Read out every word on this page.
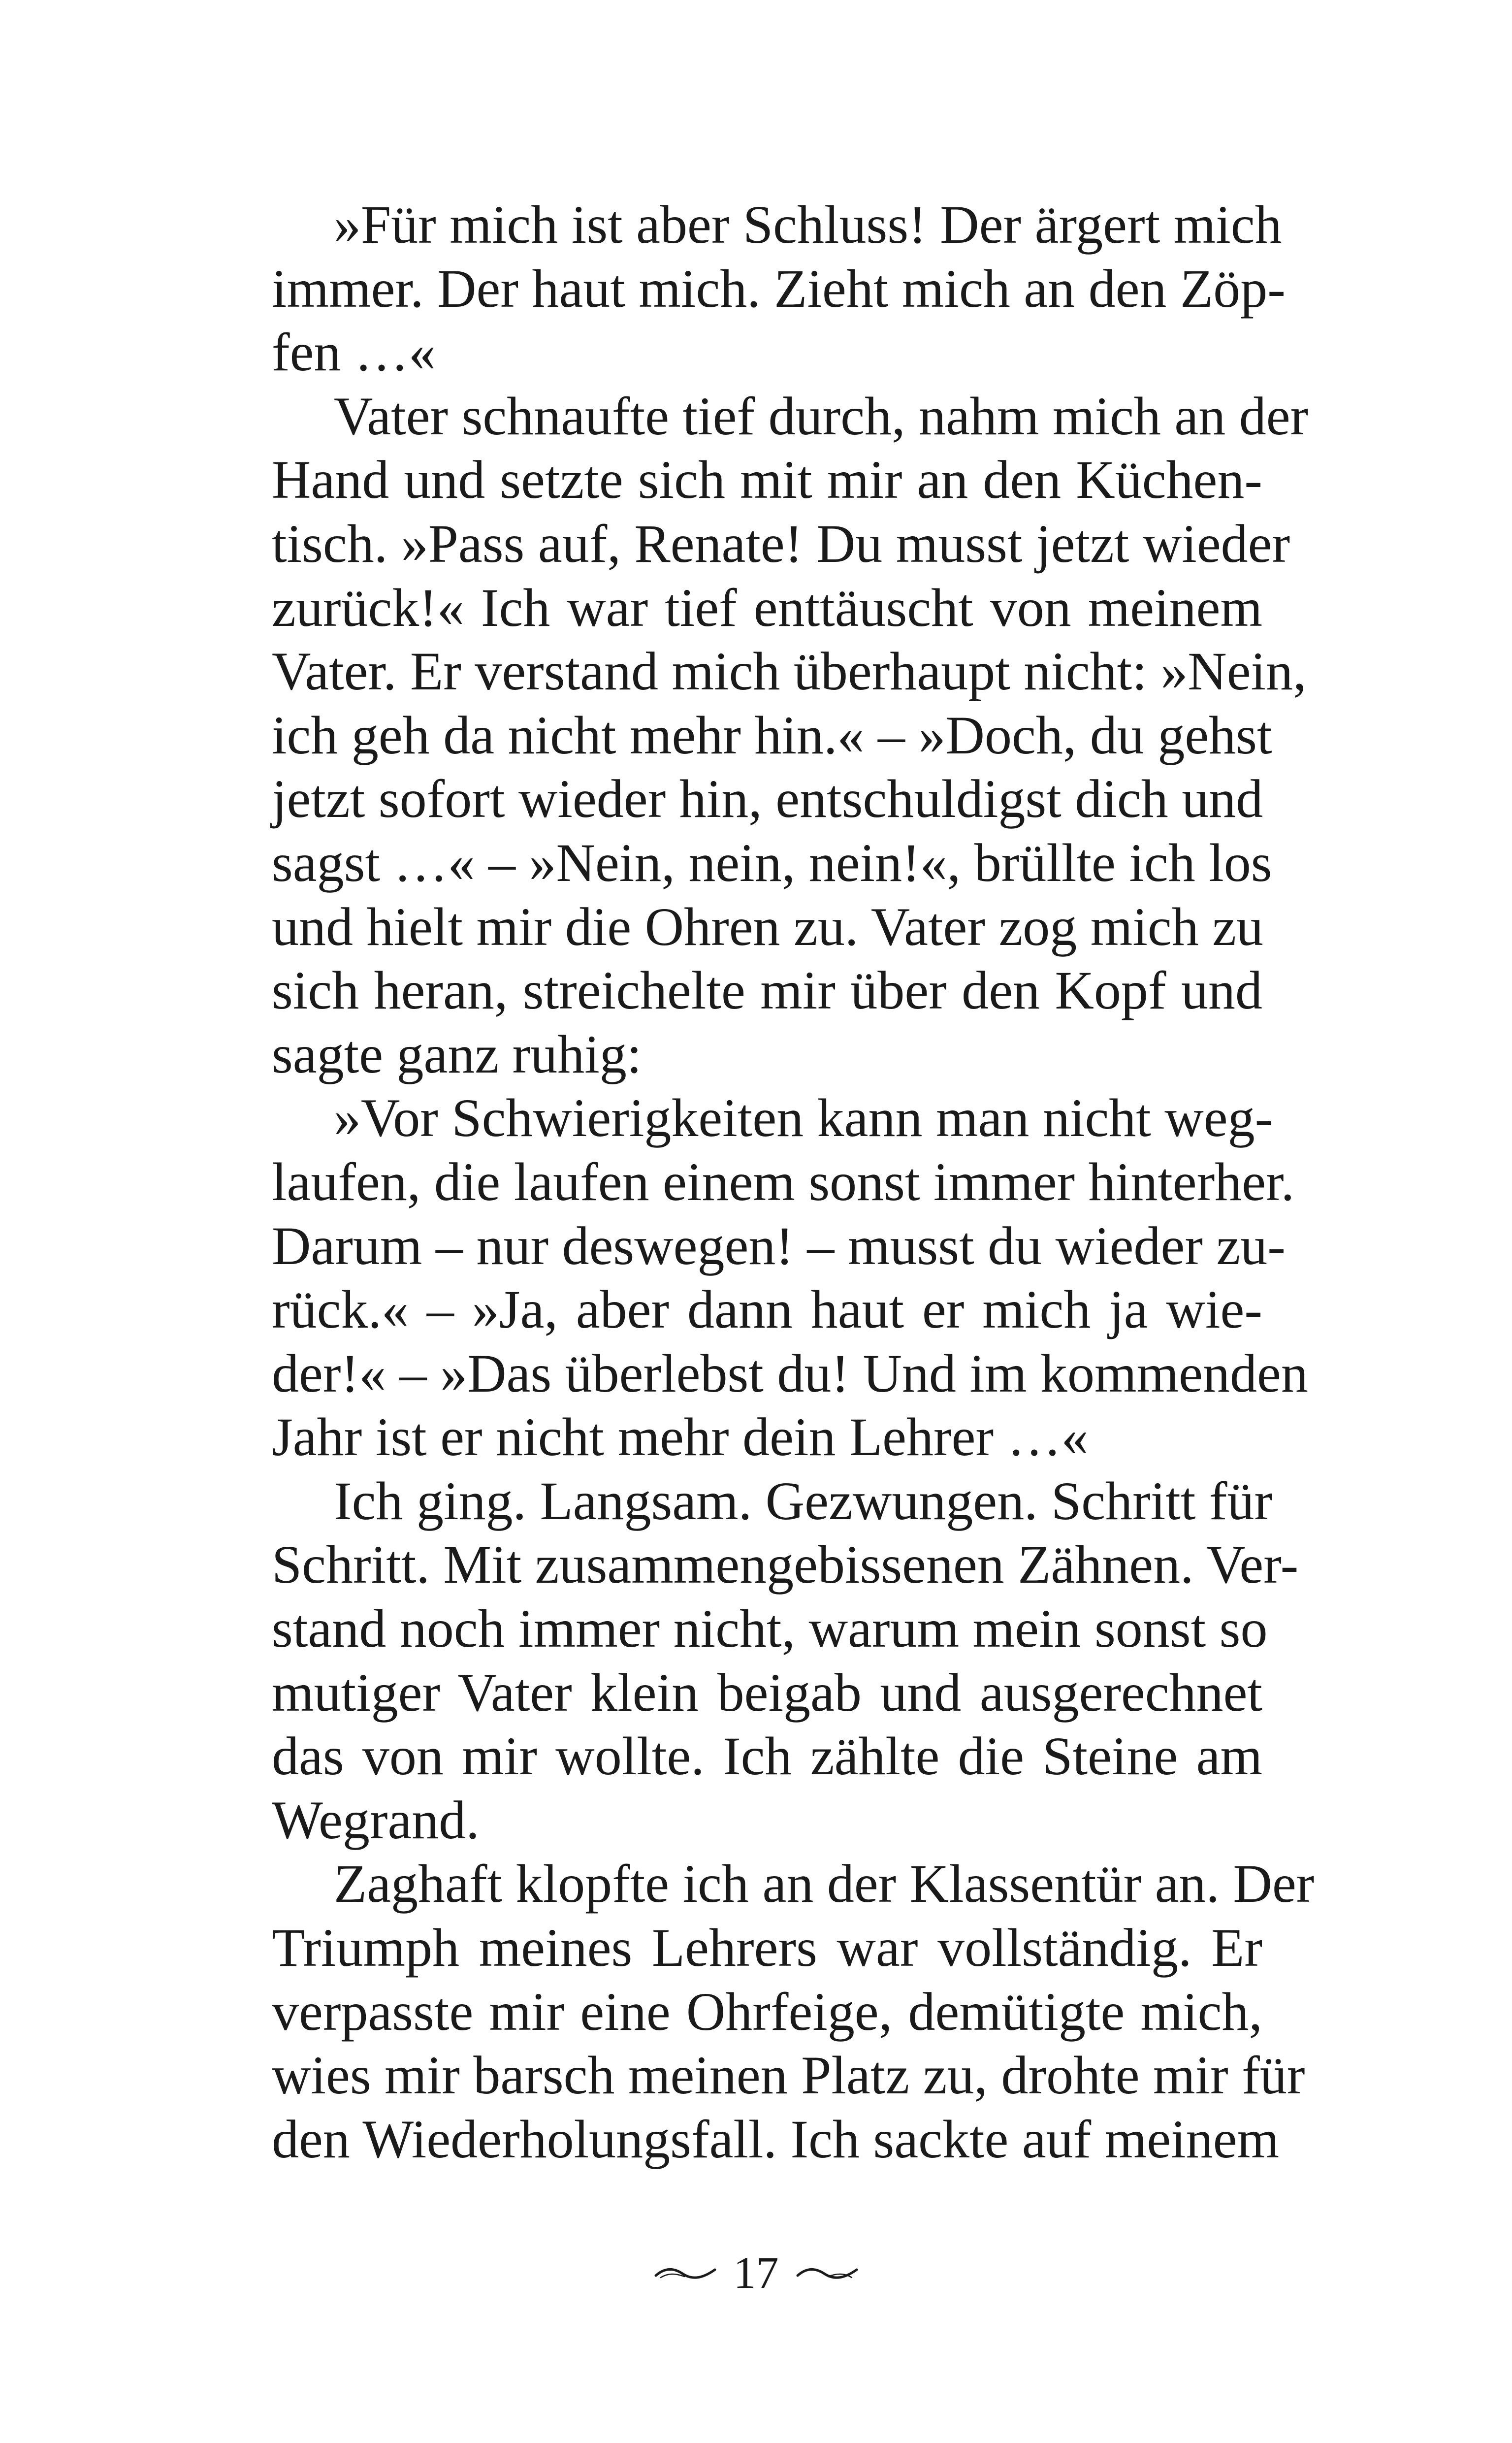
»Für mich ist aber Schluss! Der ärgert mich
immer. Der haut mich. Zieht mich an den Zöp-
fen …«
Vater schnaufte tief durch, nahm mich an der
Hand und setzte sich mit mir an den Küchen-
tisch. »Pass auf, Renate! Du musst jetzt wieder
zurück!« Ich war tief enttäuscht von meinem
Vater. Er verstand mich überhaupt nicht: »Nein,
ich geh da nicht mehr hin.« – »Doch, du gehst
jetzt sofort wieder hin, entschuldigst dich und
sagst …« – »Nein, nein, nein!«, brüllte ich los
und hielt mir die Ohren zu. Vater zog mich zu
sich heran, streichelte mir über den Kopf und
sagte ganz ruhig:
»Vor Schwierigkeiten kann man nicht weg-
laufen, die laufen einem sonst immer hinterher.
Darum – nur deswegen! – musst du wieder zu-
rück.« – »Ja, aber dann haut er mich ja wie-
der!« – »Das überlebst du! Und im kommenden
Jahr ist er nicht mehr dein Lehrer …«
Ich ging. Langsam. Gezwungen. Schritt für
Schritt. Mit zusammengebissenen Zähnen. Ver-
stand noch immer nicht, warum mein sonst so
mutiger Vater klein beigab und ausgerechnet
das von mir wollte. Ich zählte die Steine am
Wegrand.
Zaghaft klopfte ich an der Klassentür an. Der
Triumph meines Lehrers war vollständig. Er
verpasste mir eine Ohrfeige, demütigte mich,
wies mir barsch meinen Platz zu, drohte mir für
den Wiederholungsfall. Ich sackte auf meinem
17
